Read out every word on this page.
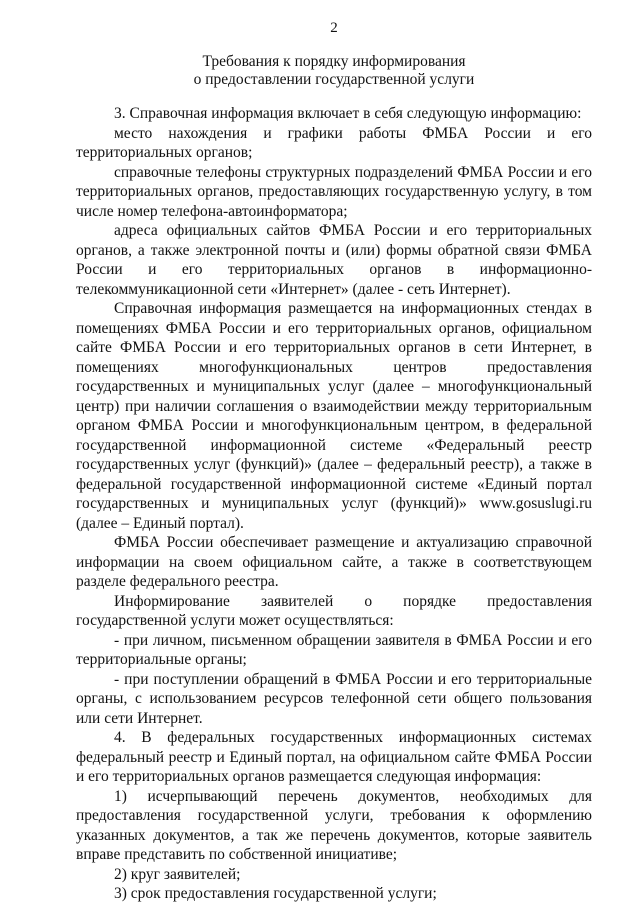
2
Требования к порядку информирования
о предоставлении государственной услуги

3. Справочная информация включает в себя следующую информацию:

место нахождения и графики работы ФМБА России и его территориальных органов;

справочные телефоны структурных подразделений ФМБА России и его территориальных органов, предоставляющих государственную услугу, в том числе номер телефона-автоинформатора;

адреса официальных сайтов ФМБА России и его территориальных органов, а также электронной почты и (или) формы обратной связи ФМБА России и его территориальных органов в информационно-телекоммуникационной сети «Интернет» (далее - сеть Интернет).

Справочная информация размещается на информационных стендах в помещениях ФМБА России и его территориальных органов, официальном сайте ФМБА России и его территориальных органов в сети Интернет, в помещениях многофункциональных центров предоставления государственных и муниципальных услуг (далее – многофункциональный центр) при наличии соглашения о взаимодействии между территориальным органом ФМБА России и многофункциональным центром, в федеральной государственной информационной системе «Федеральный реестр государственных услуг (функций)» (далее – федеральный реестр), а также в федеральной государственной информационной системе «Единый портал государственных и муниципальных услуг (функций)» www.gosuslugi.ru (далее – Единый портал).

ФМБА России обеспечивает размещение и актуализацию справочной информации на своем официальном сайте, а также в соответствующем разделе федерального реестра.

Информирование заявителей о порядке предоставления государственной услуги может осуществляться:

- при личном, письменном обращении заявителя в ФМБА России и его территориальные органы;

- при поступлении обращений в ФМБА России и его территориальные органы, с использованием ресурсов телефонной сети общего пользования или сети Интернет.

4. В федеральных государственных информационных системах федеральный реестр и Единый портал, на официальном сайте ФМБА России и его территориальных органов размещается следующая информация:

1) исчерпывающий перечень документов, необходимых для предоставления государственной услуги, требования к оформлению указанных документов, а так же перечень документов, которые заявитель вправе представить по собственной инициативе;

2) круг заявителей;

3) срок предоставления государственной услуги;
